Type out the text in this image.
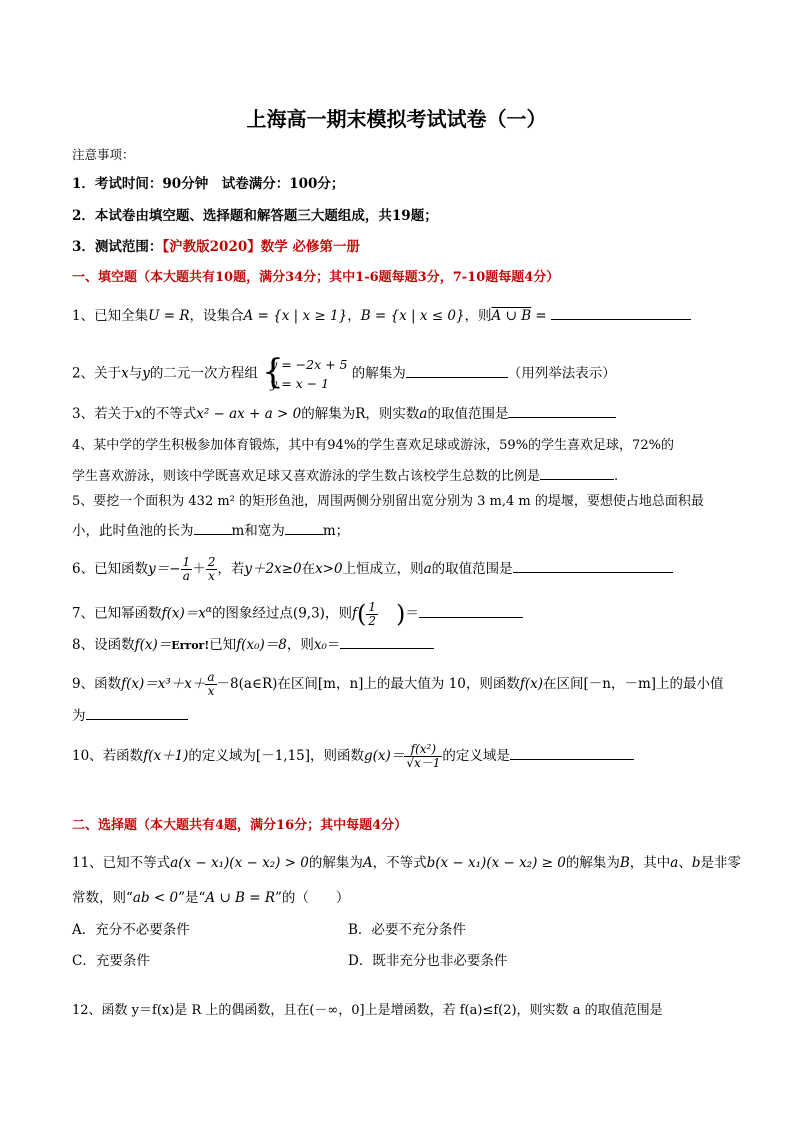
上海高一期末模拟考试试卷（一）
注意事项：
1．考试时间：90分钟　试卷满分：100分；
2．本试卷由填空题、选择题和解答题三大题组成，共19题；
3．测试范围：【沪教版2020】数学 必修第一册
一、填空题（本大题共有10题，满分34分；其中1-6题每题3分，7-10题每题4分）
1、已知全集U = R，设集合A = {x | x ≥ 1}，B = {x | x ≤ 0}，则A ∪ B =
2、关于x与y的二元一次方程组 {
y = −2x + 5
y = x − 1
的解集为	（用列举法表示）
3、若关于x的不等式x² − ax + a > 0的解集为R，则实数a的取值范围是
4、某中学的学生积极参加体育锻炼，其中有94%的学生喜欢足球或游泳，59%的学生喜欢足球，72%的
学生喜欢游泳，则该中学既喜欢足球又喜欢游泳的学生数占该校学生总数的比例是	.
5、要挖一个面积为 432 m² 的矩形鱼池，周围两侧分别留出宽分别为 3 m,4 m 的堤堰，要想使占地总面积最
小，此时鱼池的长为	m和宽为	m；
6、已知函数$y=- \frac{1}{a} + \frac{2}{x}$ ，若y＋2x≥0在x>0上恒成立，则a的取值范围是
7、已知幂函数$f(x)=x^\alpha$的图象经过点(9,3)，则$f( \frac{1}{2}$ )＝
8、设函数f(x)＝Error!已知f(x₀)＝8，则x₀＝
9、函数$f(x)=x^3+x+ \frac{a}{x}$ －8(a∈R)在区间[m，n]上的最大值为 10，则函数f(x)在区间[－n，－m]上的最小值
为
10、若函数f(x＋1)的定义域为[－1,15]，则函数$g(x)= \frac{\text{f(x²)}}{√x-1}$ 的定义域是
二、选择题（本大题共有4题，满分16分；其中每题4分）
11、已知不等式a(x − x₁)(x − x₂) > 0的解集为A，不等式b(x − x₁)(x − x₂) ≥ 0的解集为B，其中a、b是非零
常数，则“ab < 0”是“A ∪ B = R”的（　　）
A．充分不必要条件	B．必要不充分条件
C．充要条件	D．既非充分也非必要条件
12、函数 y＝f(x)是 R 上的偶函数，且在(－∞，0]上是增函数，若 f(a)≤f(2)，则实数 a 的取值范围是
